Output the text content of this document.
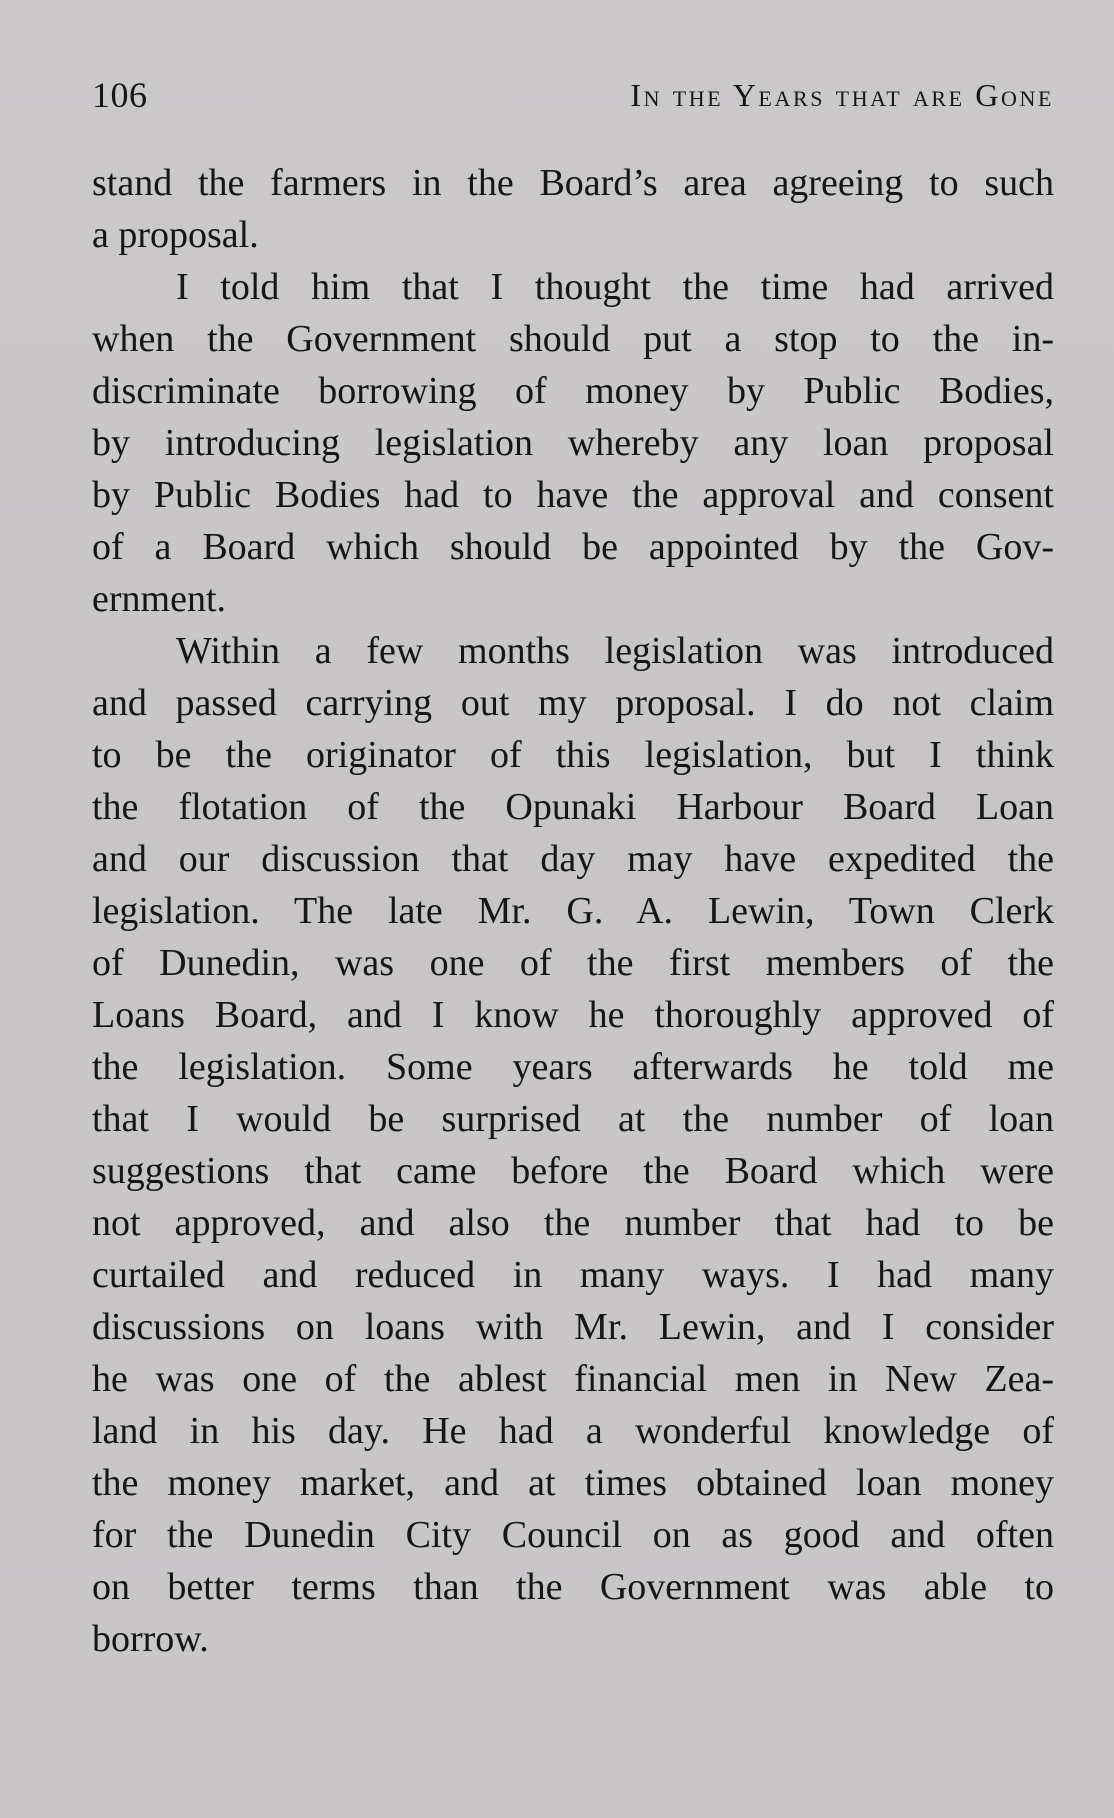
106	In the Years that are Gone
stand the farmers in the Board’s area agreeing to such
a proposal.
I told him that I thought the time had arrived
when the Government should put a stop to the in-
discriminate borrowing of money by Public Bodies,
by introducing legislation whereby any loan proposal
by Public Bodies had to have the approval and consent
of a Board which should be appointed by the Gov-
ernment.
Within a few months legislation was introduced
and passed carrying out my proposal. I do not claim
to be the originator of this legislation, but I think
the flotation of the Opunaki Harbour Board Loan
and our discussion that day may have expedited the
legislation. The late Mr. G. A. Lewin, Town Clerk
of Dunedin, was one of the first members of the
Loans Board, and I know he thoroughly approved of
the legislation. Some years afterwards he told me
that I would be surprised at the number of loan
suggestions that came before the Board which were
not approved, and also the number that had to be
curtailed and reduced in many ways. I had many
discussions on loans with Mr. Lewin, and I consider
he was one of the ablest financial men in New Zea-
land in his day. He had a wonderful knowledge of
the money market, and at times obtained loan money
for the Dunedin City Council on as good and often
on better terms than the Government was able to
borrow.
